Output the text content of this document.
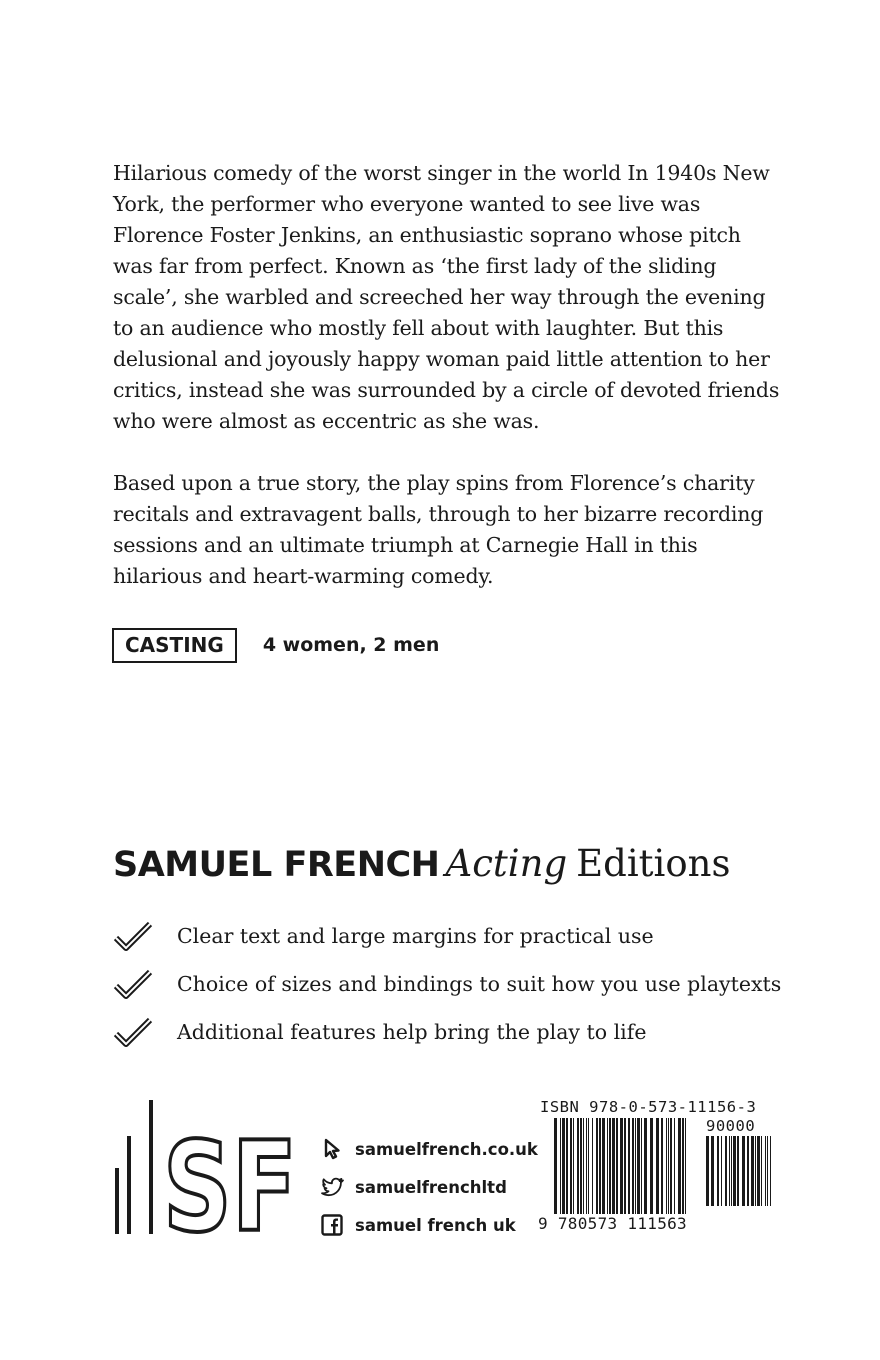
Hilarious comedy of the worst singer in the world In 1940s New York, the performer who everyone wanted to see live was Florence Foster Jenkins, an enthusiastic soprano whose pitch was far from perfect. Known as ‘the first lady of the sliding scale’, she warbled and screeched her way through the evening to an audience who mostly fell about with laughter. But this delusional and joyously happy woman paid little attention to her critics, instead she was surrounded by a circle of devoted friends who were almost as eccentric as she was.

Based upon a true story, the play spins from Florence’s charity recitals and extravagent balls, through to her bizarre recording sessions and an ultimate triumph at Carnegie Hall in this hilarious and heart-warming comedy.

CASTING	4 women, 2 men
SAMUEL FRENCH Acting Editions
Clear text and large margins for practical use
Choice of sizes and bindings to suit how you use playtexts
Additional features help bring the play to life
SF	samuelfrench.co.uk
samuelfrenchltd
samuel french uk
ISBN 978-0-573-11156-3
90000
9 780573 111563
